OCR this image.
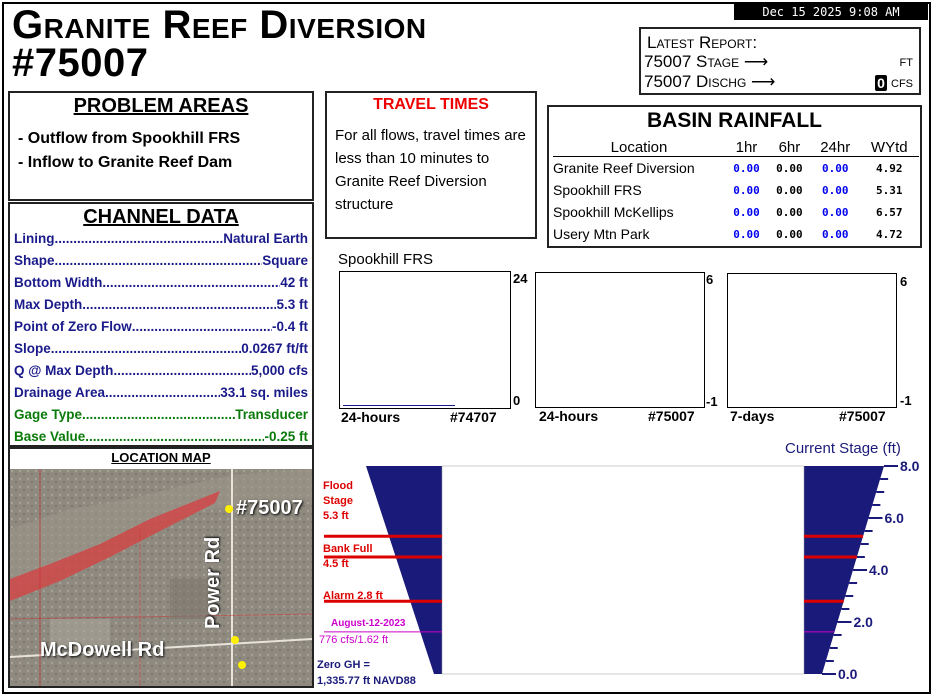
Granite Reef Diversion
#75007
Dec 15 2025 9:08 AM
Latest Report:
75007 Stage ⟶	FT
75007 Dischg ⟶	0 CFS
PROBLEM AREAS
- Outflow from Spookhill FRS
- Inflow to Granite Reef Dam
CHANNEL DATA
Lining .....	Natural Earth
Shape .....	Square
Bottom Width .....	42 ft
Max Depth .....	5.3 ft
Point of Zero Flow .....	-0.4 ft
Slope .....	0.0267 ft/ft
Q @ Max Depth .....	5,000 cfs
Drainage Area .....	33.1 sq. miles
Gage Type .....	Transducer
Base Value .....	-0.25 ft
LOCATION MAP
#75007
McDowell Rd
Power Rd
TRAVEL TIMES
For all flows, travel times are less than 10 minutes to Granite Reef Diversion structure
BASIN RAINFALL
Location	1hr	6hr	24hr	WYtd
Granite Reef Diversion	0.00	0.00	0.00	4.92
Spookhill FRS	0.00	0.00	0.00	5.31
Spookhill McKellips	0.00	0.00	0.00	6.57
Usery Mtn Park	0.00	0.00	0.00	4.72
Spookhill FRS
24
0
24-hours	#74707
6
-1
24-hours	#75007
6
-1
7-days	#75007
Current Stage (ft)
8.0
6.0
4.0
2.0
0.0
Flood
Stage
5.3 ft
Bank Full
4.5 ft
Alarm 2.8 ft
August-12-2023
776 cfs/1.62 ft
Zero GH =
1,335.77 ft NAVD88
